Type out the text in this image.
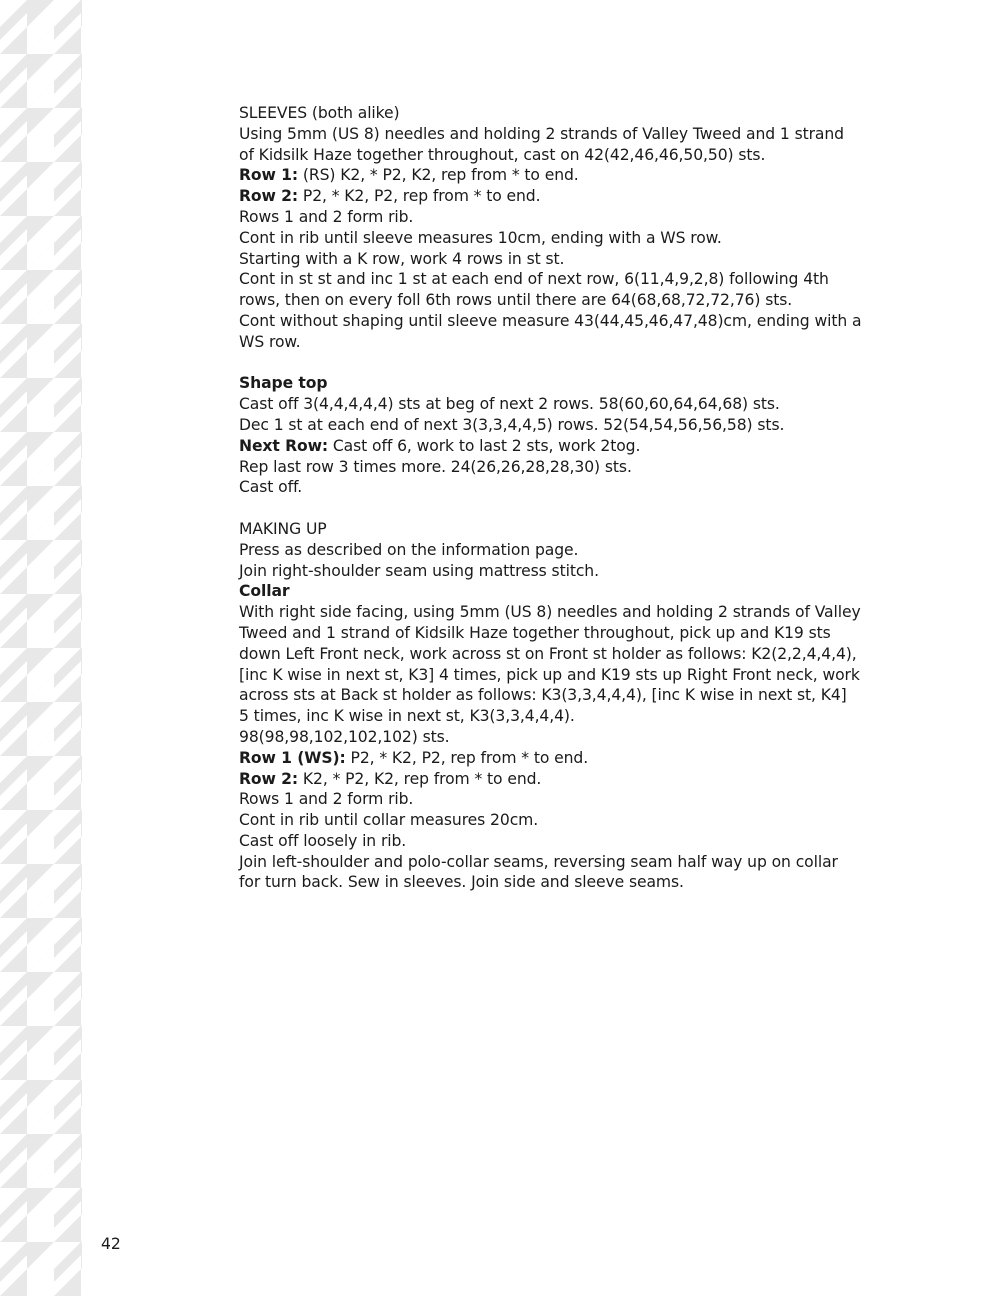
SLEEVES (both alike)
Using 5mm (US 8) needles and holding 2 strands of Valley Tweed and 1 strand
of Kidsilk Haze together throughout, cast on 42(42,46,46,50,50) sts.
Row 1: (RS) K2, * P2, K2, rep from * to end.
Row 2: P2, * K2, P2, rep from * to end.
Rows 1 and 2 form rib.
Cont in rib until sleeve measures 10cm, ending with a WS row.
Starting with a K row, work 4 rows in st st.
Cont in st st and inc 1 st at each end of next row, 6(11,4,9,2,8) following 4th
rows, then on every foll 6th rows until there are 64(68,68,72,72,76) sts.
Cont without shaping until sleeve measure 43(44,45,46,47,48)cm, ending with a
WS row.
Shape top
Cast off 3(4,4,4,4,4) sts at beg of next 2 rows. 58(60,60,64,64,68) sts.
Dec 1 st at each end of next 3(3,3,4,4,5) rows. 52(54,54,56,56,58) sts.
Next Row: Cast off 6, work to last 2 sts, work 2tog.
Rep last row 3 times more. 24(26,26,28,28,30) sts.
Cast off.
MAKING UP
Press as described on the information page.
Join right-shoulder seam using mattress stitch.
Collar
With right side facing, using 5mm (US 8) needles and holding 2 strands of Valley
Tweed and 1 strand of Kidsilk Haze together throughout, pick up and K19 sts
down Left Front neck, work across st on Front st holder as follows: K2(2,2,4,4,4),
[inc K wise in next st, K3] 4 times, pick up and K19 sts up Right Front neck, work
across sts at Back st holder as follows: K3(3,3,4,4,4), [inc K wise in next st, K4]
5 times, inc K wise in next st, K3(3,3,4,4,4).
98(98,98,102,102,102) sts.
Row 1 (WS): P2, * K2, P2, rep from * to end.
Row 2: K2, * P2, K2, rep from * to end.
Rows 1 and 2 form rib.
Cont in rib until collar measures 20cm.
Cast off loosely in rib.
Join left-shoulder and polo-collar seams, reversing seam half way up on collar
for turn back. Sew in sleeves. Join side and sleeve seams.
42
